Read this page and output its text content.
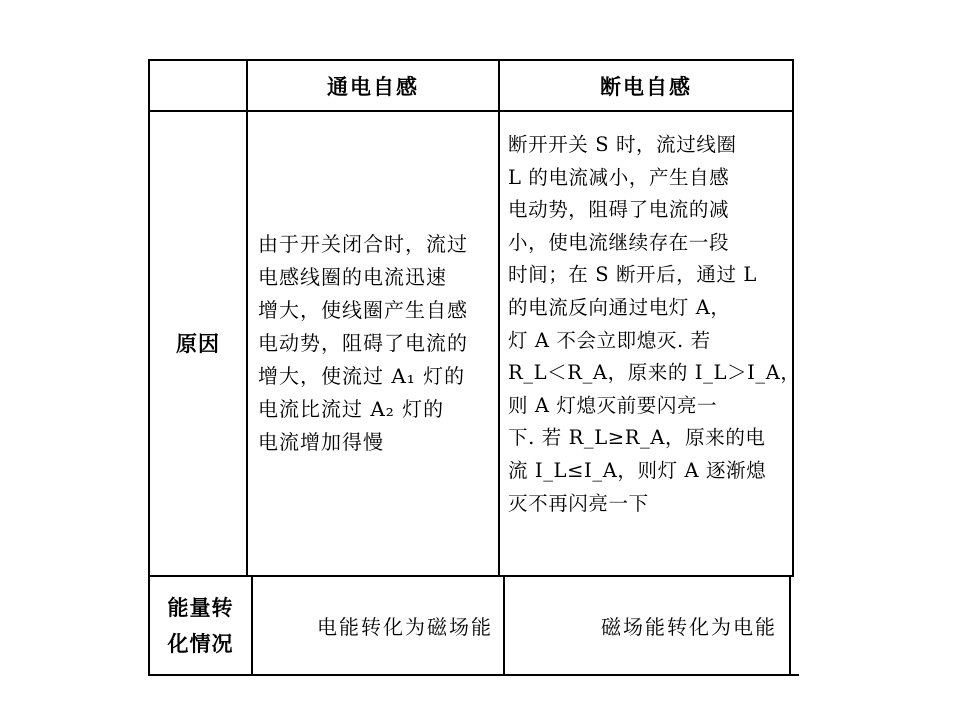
通电自感	断电自感
原因
由于开关闭合时，流过
电感线圈的电流迅速
增大，使线圈产生自感
电动势，阻碍了电流的
增大，使流过 A₁ 灯的
电流比流过 A₂ 灯的
电流增加得慢
断开开关 S 时，流过线圈
L 的电流减小，产生自感
电动势，阻碍了电流的减
小，使电流继续存在一段
时间；在 S 断开后，通过 L
的电流反向通过电灯 A，
灯 A 不会立即熄灭. 若
R_L＜R_A，原来的 I_L＞I_A，
则 A 灯熄灭前要闪亮一
下. 若 R_L≥R_A，原来的电
流 I_L≤I_A，则灯 A 逐渐熄
灭不再闪亮一下
能量转
化情况
电能转化为磁场能	磁场能转化为电能
